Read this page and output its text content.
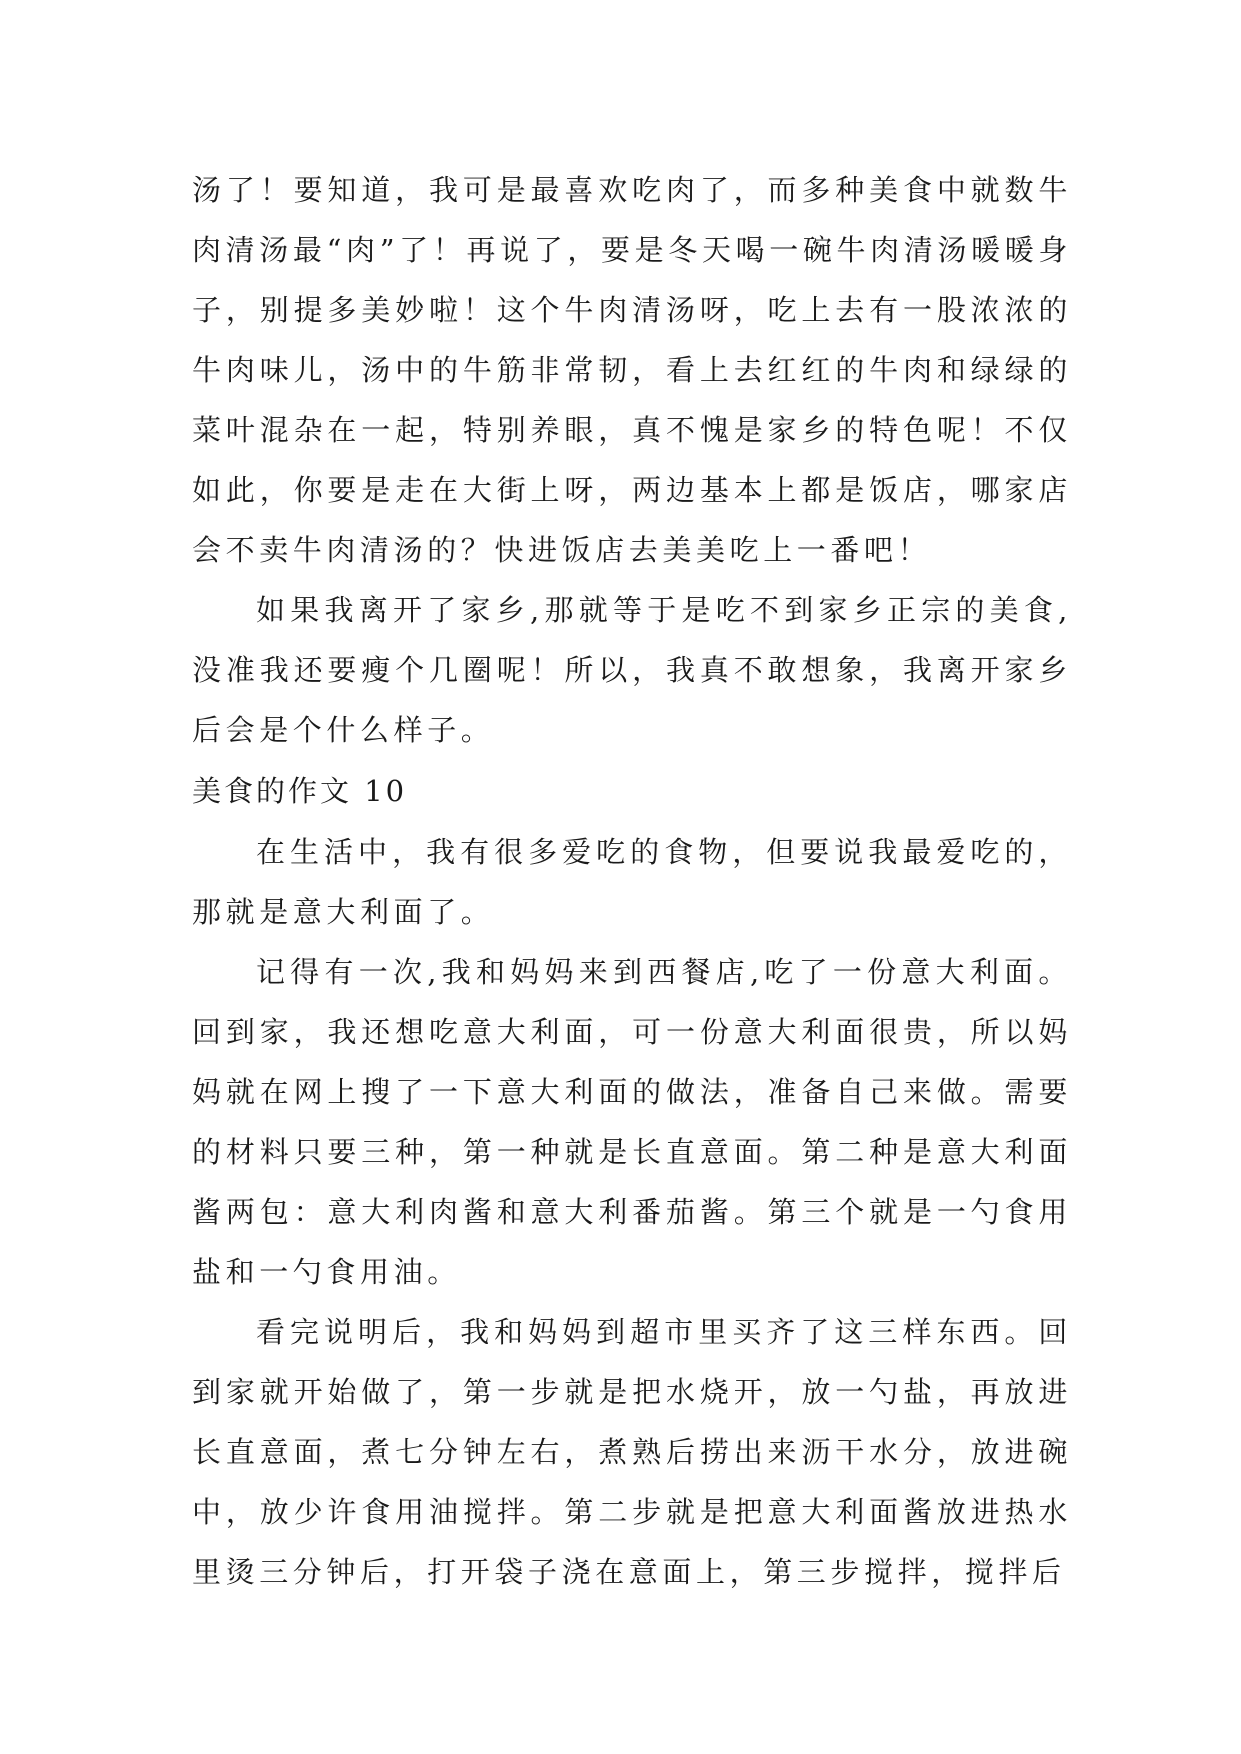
汤了！要知道，我可是最喜欢吃肉了，而多种美食中就数牛肉清汤最“肉”了！再说了，要是冬天喝一碗牛肉清汤暖暖身子，别提多美妙啦！这个牛肉清汤呀，吃上去有一股浓浓的牛肉味儿，汤中的牛筋非常韧，看上去红红的牛肉和绿绿的菜叶混杂在一起，特别养眼，真不愧是家乡的特色呢！不仅如此，你要是走在大街上呀，两边基本上都是饭店，哪家店会不卖牛肉清汤的？快进饭店去美美吃上一番吧！

如果我离开了家乡,那就等于是吃不到家乡正宗的美食,没准我还要瘦个几圈呢！所以，我真不敢想象，我离开家乡后会是个什么样子。

美食的作文 10

在生活中，我有很多爱吃的食物，但要说我最爱吃的，那就是意大利面了。

记得有一次,我和妈妈来到西餐店,吃了一份意大利面。回到家，我还想吃意大利面，可一份意大利面很贵，所以妈妈就在网上搜了一下意大利面的做法，准备自己来做。需要的材料只要三种，第一种就是长直意面。第二种是意大利面酱两包：意大利肉酱和意大利番茄酱。第三个就是一勺食用盐和一勺食用油。

看完说明后，我和妈妈到超市里买齐了这三样东西。回到家就开始做了，第一步就是把水烧开，放一勺盐，再放进长直意面，煮七分钟左右，煮熟后捞出来沥干水分，放进碗中，放少许食用油搅拌。第二步就是把意大利面酱放进热水里烫三分钟后，打开袋子浇在意面上，第三步搅拌，搅拌后
